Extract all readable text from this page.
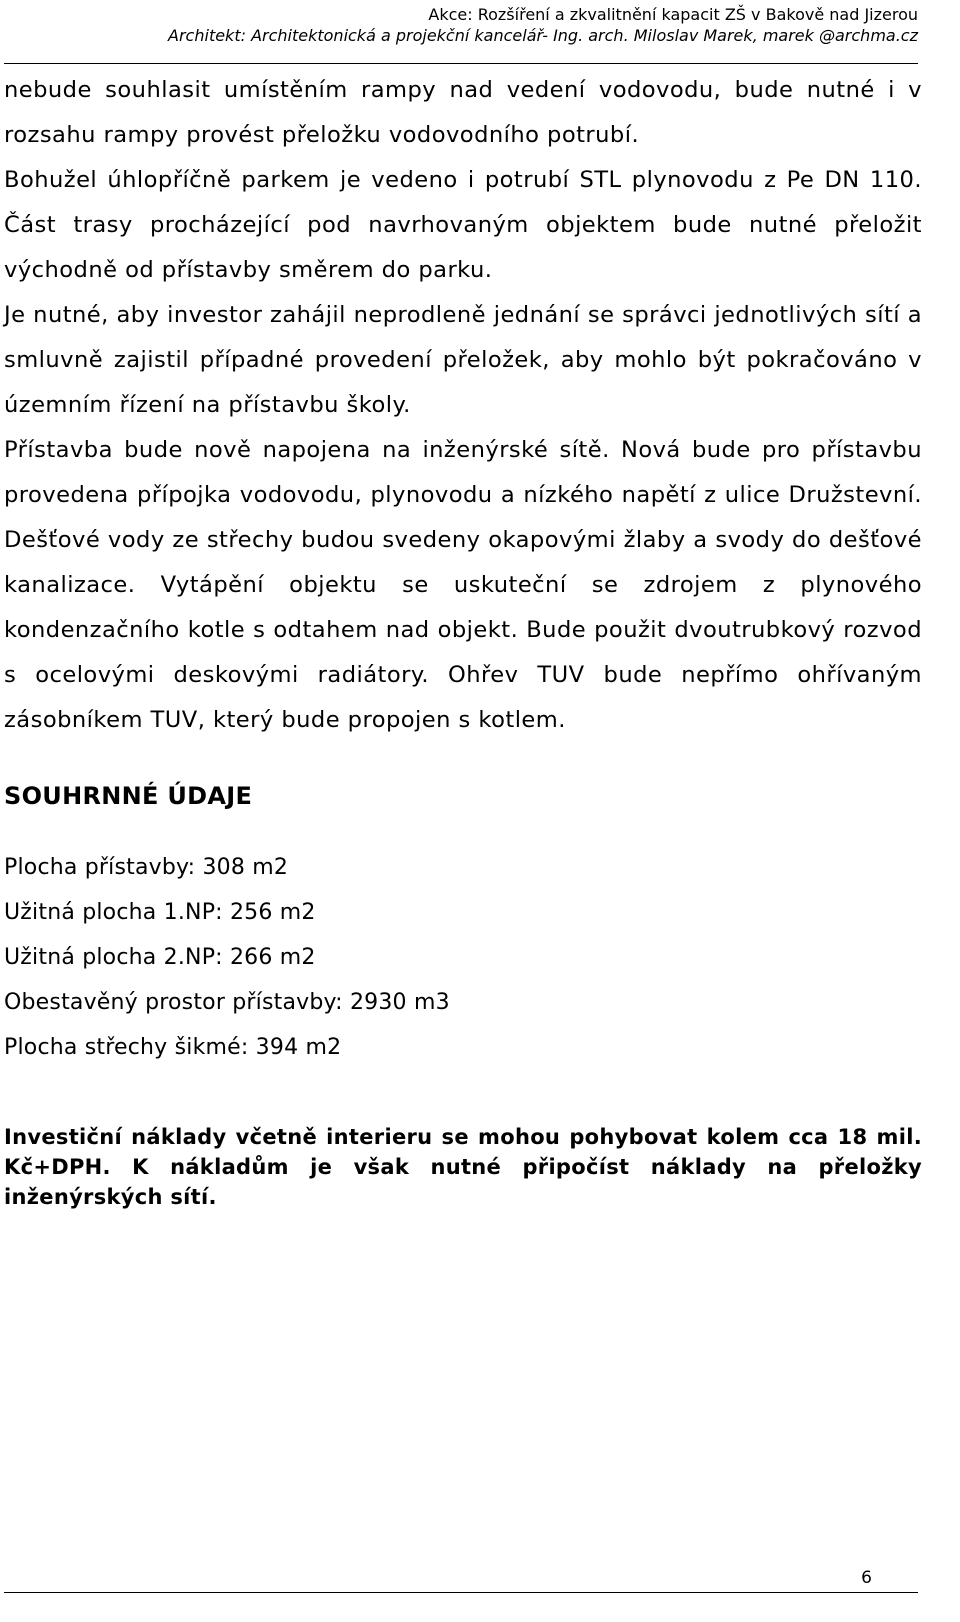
Akce: Rozšíření a zkvalitnění kapacit ZŠ v Bakově nad Jizerou
Architekt: Architektonická a projekční kancelář- Ing. arch. Miloslav Marek, marek @archma.cz

nebude souhlasit umístěním rampy nad vedení vodovodu, bude nutné i v rozsahu rampy provést přeložku vodovodního potrubí.

Bohužel úhlopříčně parkem je vedeno i potrubí STL plynovodu z Pe DN 110. Část trasy procházející pod navrhovaným objektem bude nutné přeložit východně od přístavby směrem do parku.

Je nutné, aby investor zahájil neprodleně jednání se správci jednotlivých sítí a smluvně zajistil případné provedení přeložek, aby mohlo být pokračováno v územním řízení na přístavbu školy.

Přístavba bude nově napojena na inženýrské sítě. Nová bude pro přístavbu provedena přípojka vodovodu, plynovodu a nízkého napětí z ulice Družstevní. Dešťové vody ze střechy budou svedeny okapovými žlaby a svody do dešťové kanalizace. Vytápění objektu se uskuteční se zdrojem z plynového kondenzačního kotle s odtahem nad objekt. Bude použit dvoutrubkový rozvod s ocelovými deskovými radiátory. Ohřev TUV bude nepřímo ohřívaným zásobníkem TUV, který bude propojen s kotlem.

SOUHRNNÉ ÚDAJE
Plocha přístavby: 308 m2
Užitná plocha 1.NP: 256 m2
Užitná plocha 2.NP: 266 m2
Obestavěný prostor přístavby: 2930 m3
Plocha střechy šikmé: 394 m2

Investiční náklady včetně interieru se mohou pohybovat kolem cca 18 mil. Kč+DPH. K nákladům je však nutné připočíst náklady na přeložky inženýrských sítí.

6
